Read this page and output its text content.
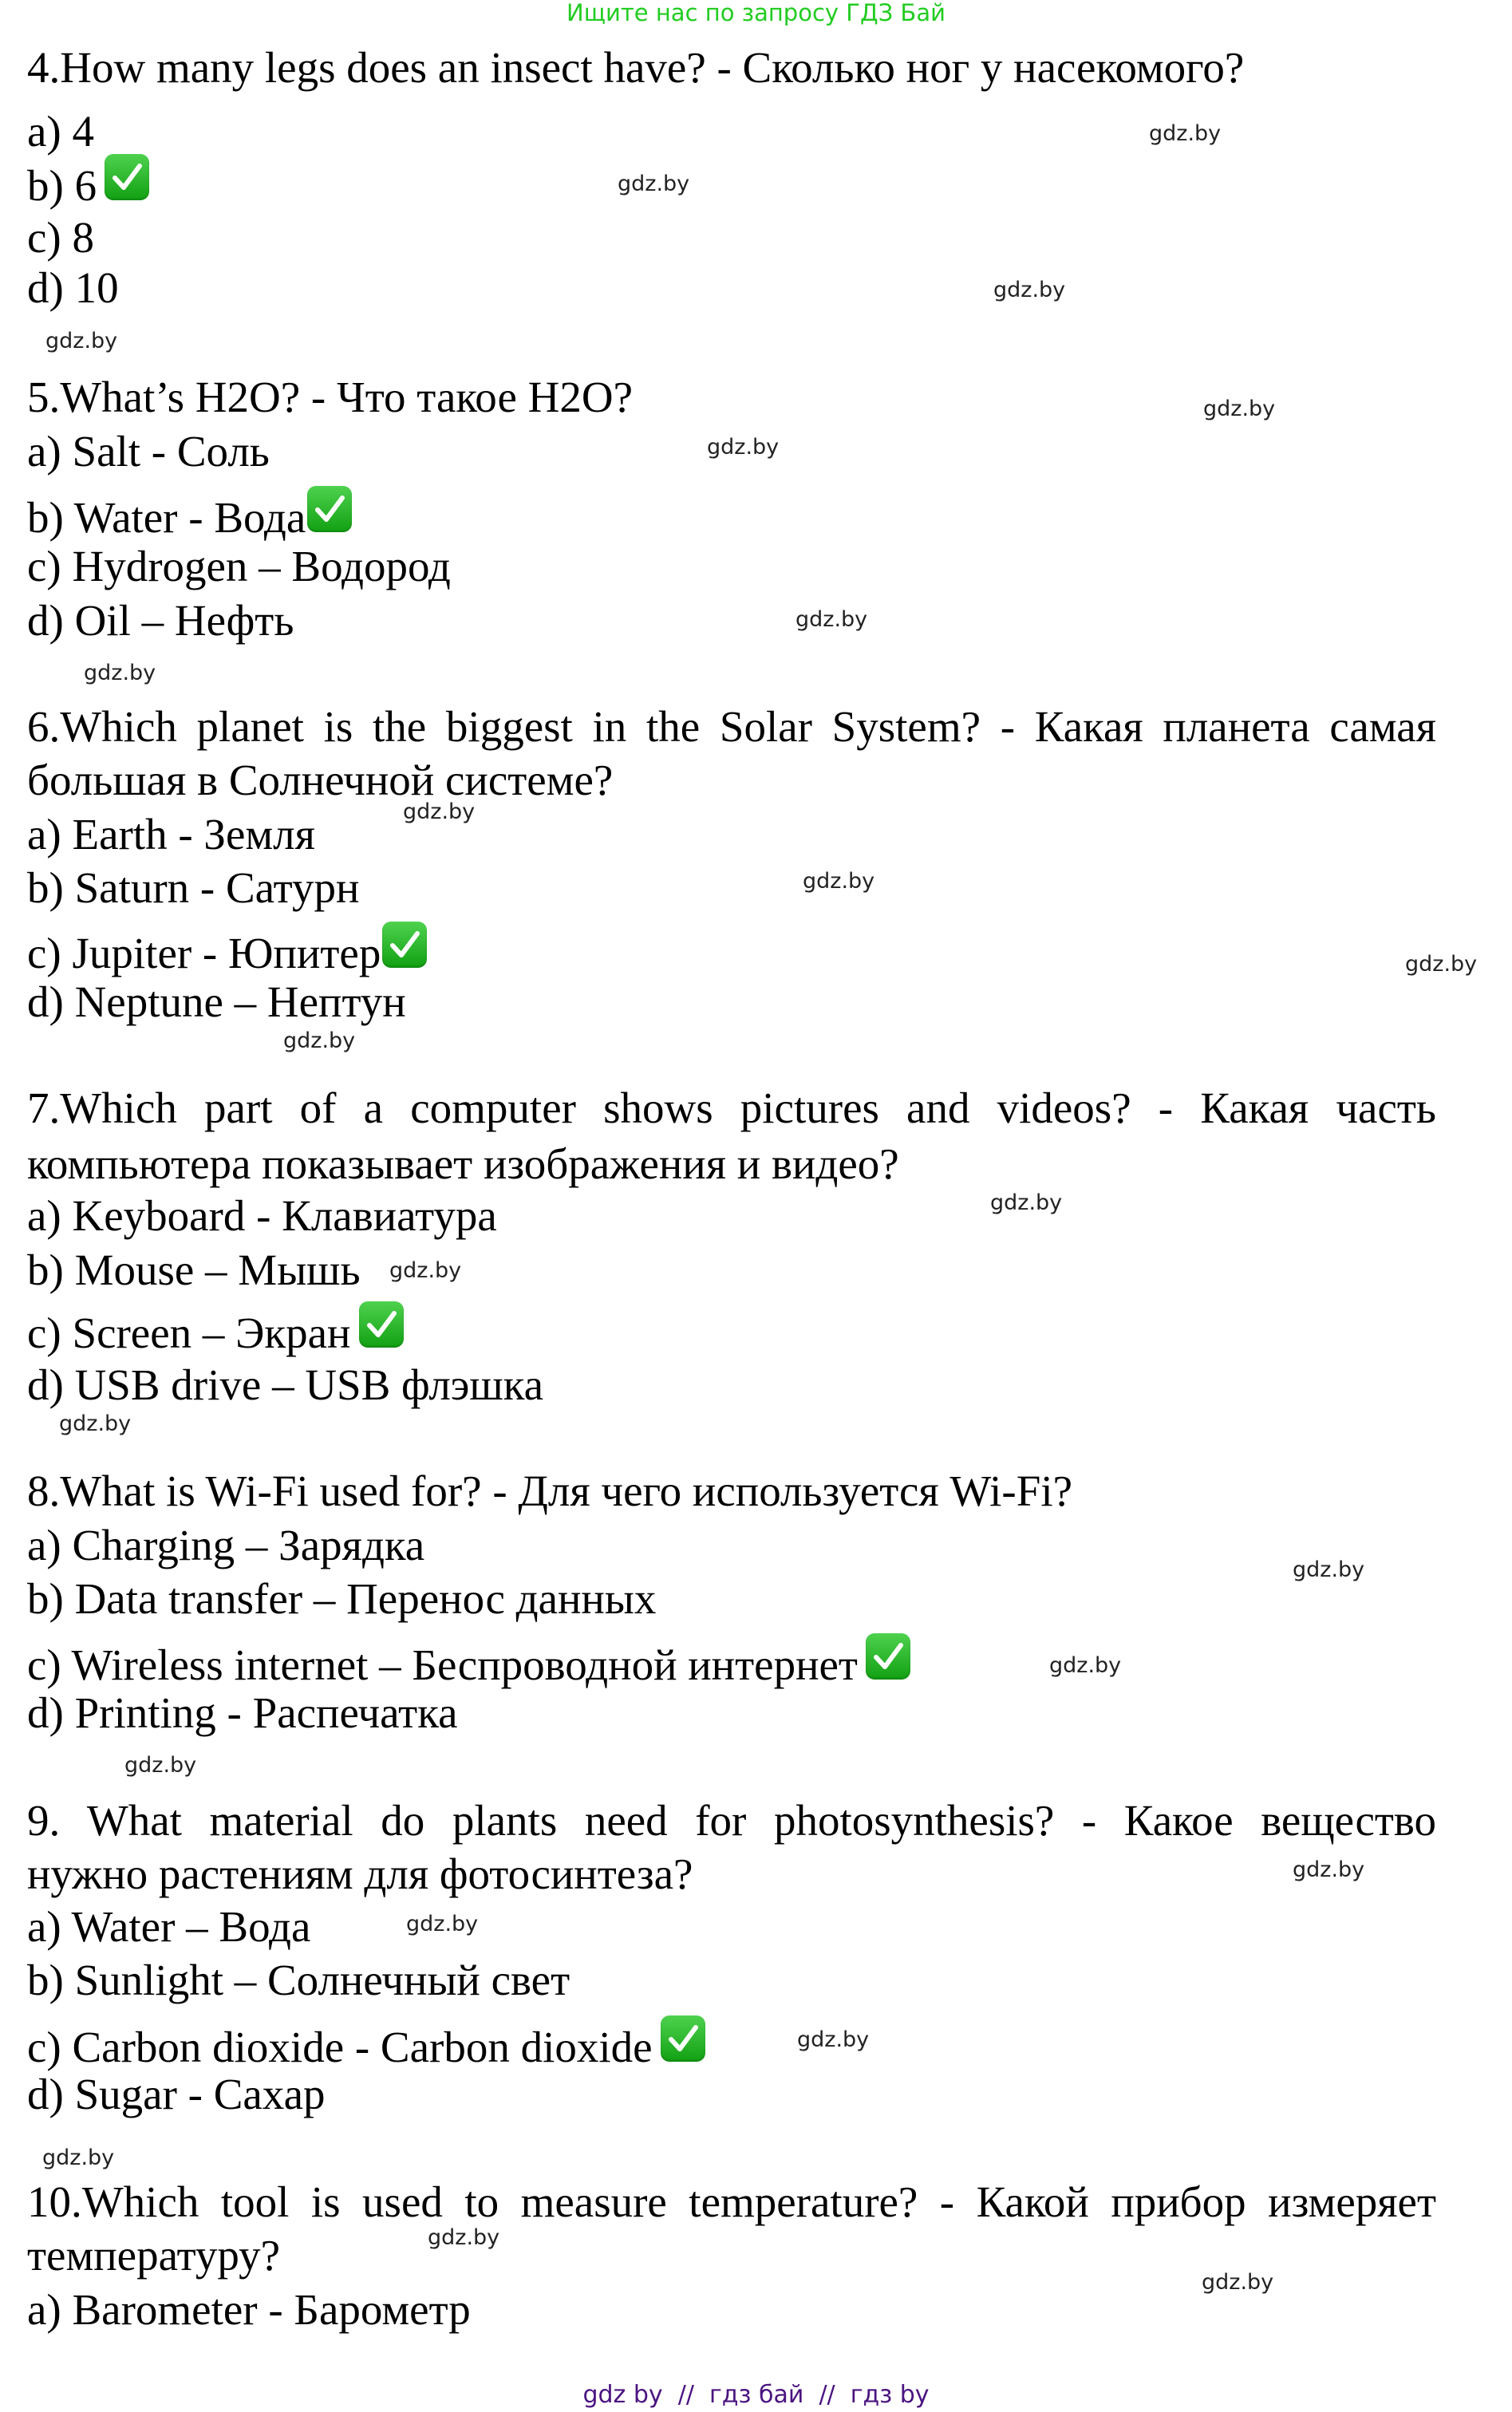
Ищите нас по запросу ГДЗ Бай
4.How many legs does an insect have? - Сколько ног у насекомого?
a) 4
b) 6
c) 8
d) 10
5.What’s H2O? - Что такое H2O?
a) Salt - Соль
b) Water - Вода
c) Hydrogen – Водород
d) Oil – Нефть
6.Which planet is the biggest in the Solar System? - Какая планета самая
большая в Солнечной системе?
a) Earth - Земля
b) Saturn - Сатурн
c) Jupiter - Юпитер
d) Neptune – Нептун
7.Which part of a computer shows pictures and videos? - Какая часть
компьютера показывает изображения и видео?
a) Keyboard - Клавиатура
b) Mouse – Мышь
c) Screen – Экран
d) USB drive – USB флэшка
8.What is Wi-Fi used for? - Для чего используется Wi-Fi?
a) Charging – Зарядка
b) Data transfer – Перенос данных
c) Wireless internet – Беспроводной интернет
d) Printing - Распечатка
9. What material do plants need for photosynthesis? - Какое вещество
нужно растениям для фотосинтеза?
a) Water – Вода
b) Sunlight – Солнечный свет
c) Carbon dioxide - Carbon dioxide
d) Sugar - Сахар
10.Which tool is used to measure temperature? - Какой прибор измеряет
температуру?
a) Barometer - Барометр
gdz.by
gdz.by
gdz.by
gdz.by
gdz.by
gdz.by
gdz.by
gdz.by
gdz.by
gdz.by
gdz.by
gdz.by
gdz.by
gdz.by
gdz.by
gdz.by
gdz.by
gdz.by
gdz.by
gdz.by
gdz.by
gdz.by
gdz.by
gdz.by
gdz by  //  гдз бай  //  гдз by
